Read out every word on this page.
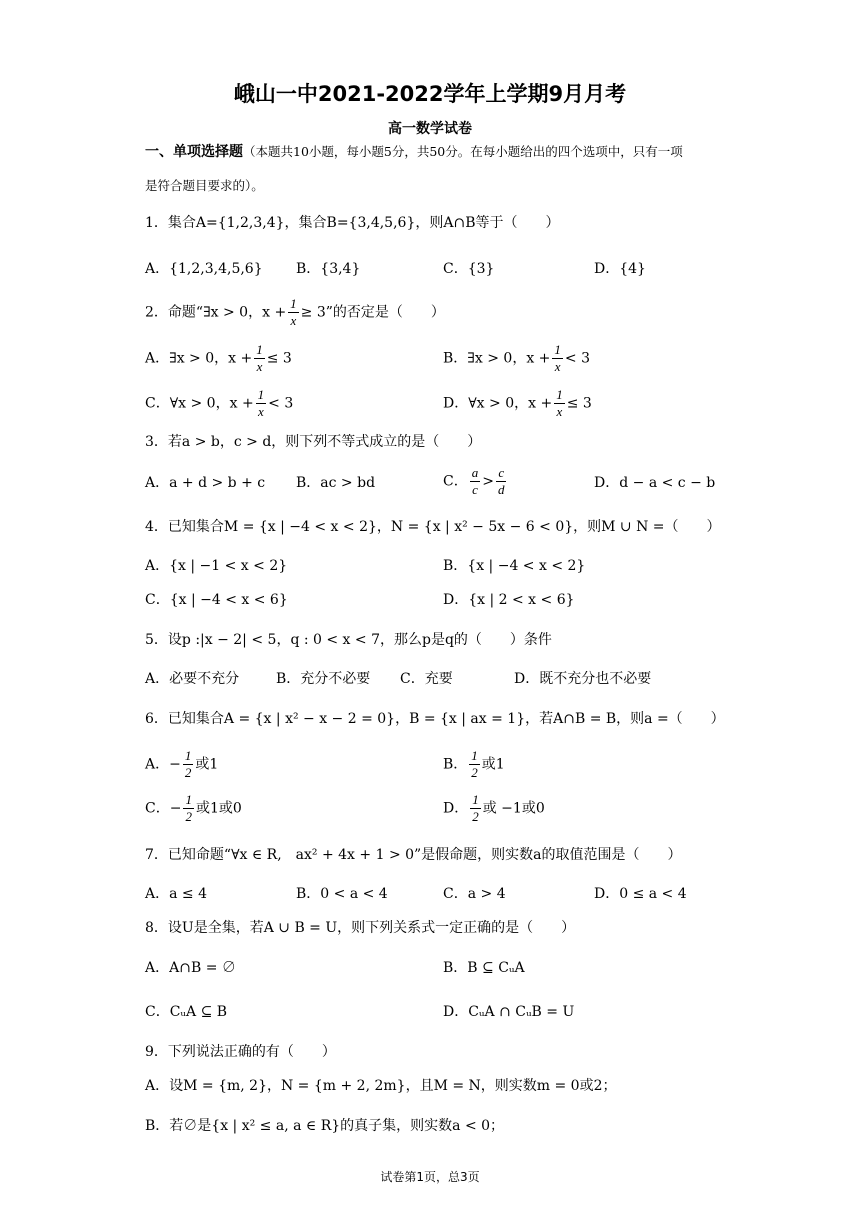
峨山一中2021-2022学年上学期9月月考
高一数学试卷
一、单项选择题（本题共10小题，每小题5分，共50分。在每小题给出的四个选项中，只有一项
是符合题目要求的）。
1．集合A={1,2,3,4}，集合B={3,4,5,6}，则A∩B等于（　　）
A．{1,2,3,4,5,6} B．{3,4}	C．{3}	D．{4}
2．命题“∃x > 0，$x + \frac{1}{x} \ge 3$”的否定是（　　）
A．∃x > 0，$x + \frac{1}{x} \le 3$	B．∃x > 0，$x + \frac{1}{x} < 3$
C．∀x > 0，$x + \frac{1}{x} < 3$	D．∀x > 0，$x + \frac{1}{x} \le 3$
3．若a > b，c > d，则下列不等式成立的是（　　）
A．a + d > b + c B．ac > bd	C． $\frac{a}{c} > \frac{c}{d}$	D．d − a < c − b
4．已知集合M = {x | −4 < x < 2}，N = {x | x² − 5x − 6 < 0}，则M ∪ N =（　　）
A．{x | −1 < x < 2}	B．{x | −4 < x < 2}
C．{x | −4 < x < 6}	D．{x | 2 < x < 6}
5．设p :|x − 2| < 5，q : 0 < x < 7，那么p是q的（　　）条件
A．必要不充分	B．充分不必要 C．充要	D．既不充分也不必要
6．已知集合A = {x | x² − x − 2 = 0}，B = {x | ax = 1}，若A∩B = B，则a =（　　）
A．− $\frac{1}{2}$ 或1	B． $\frac{1}{2}$ 或1
C．− $\frac{1}{2}$ 或1或0	D． $\frac{1}{2}$ 或 −1或0
7．已知命题“∀x ∈ R,　ax² + 4x + 1 > 0”是假命题，则实数a的取值范围是（　　）
A．a ≤ 4	B．0 < a < 4	C．a > 4	D．0 ≤ a < 4
8．设U是全集，若A ∪ B = U，则下列关系式一定正确的是（　　）
A．A∩B = ∅	B．B ⊆ CᵤA
C．CᵤA ⊆ B	D．CᵤA ∩ CᵤB = U
9．下列说法正确的有（　　）
A．设M = {m, 2}，N = {m + 2, 2m}，且M = N，则实数m = 0或2；
B．若∅是{x | x² ≤ a, a ∈ R}的真子集，则实数a < 0；
试卷第1页，总3页
